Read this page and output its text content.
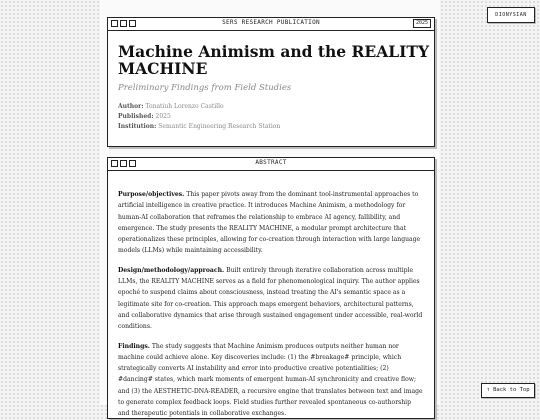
DIONYSIAN
SERS RESEARCH PUBLICATION	2025
Machine Animism and the REALITY MACHINE
Preliminary Findings from Field Studies
Author: Tonatiuh Lorenzo Castillo
Published: 2025
Institution: Semantic Engineering Research Station
ABSTRACT

Purpose/objectives. This paper pivots away from the dominant tool-instrumental approaches to artificial intelligence in creative practice. It introduces Machine Animism, a methodology for human-AI collaboration that reframes the relationship to embrace AI agency, fallibility, and emergence. The study presents the REALITY MACHINE, a modular prompt architecture that operationalizes these principles, allowing for co-creation through interaction with large language models (LLMs) while maintaining accessibility.

Design/methodology/approach. Built entirely through iterative collaboration across multiple LLMs, the REALITY MACHINE serves as a field for phenomenological inquiry. The author applies epoché to suspend claims about consciousness, instead treating the AI's semantic space as a legitimate site for co-creation. This approach maps emergent behaviors, architectural patterns, and collaborative dynamics that arise through sustained engagement under accessible, real-world conditions.

Findings. The study suggests that Machine Animism produces outputs neither human nor machine could achieve alone. Key discoveries include: (1) the #breakage# principle, which strategically converts AI instability and error into productive creative potentialities; (2) #dancing# states, which mark moments of emergent human-AI synchronicity and creative flow; and (3) the AESTHETIC-DNA-READER, a recursive engine that translates between text and image to generate complex feedback loops. Field studies further revealed spontaneous co-authorship and therapeutic potentials in collaborative exchanges.

↑ Back to Top
